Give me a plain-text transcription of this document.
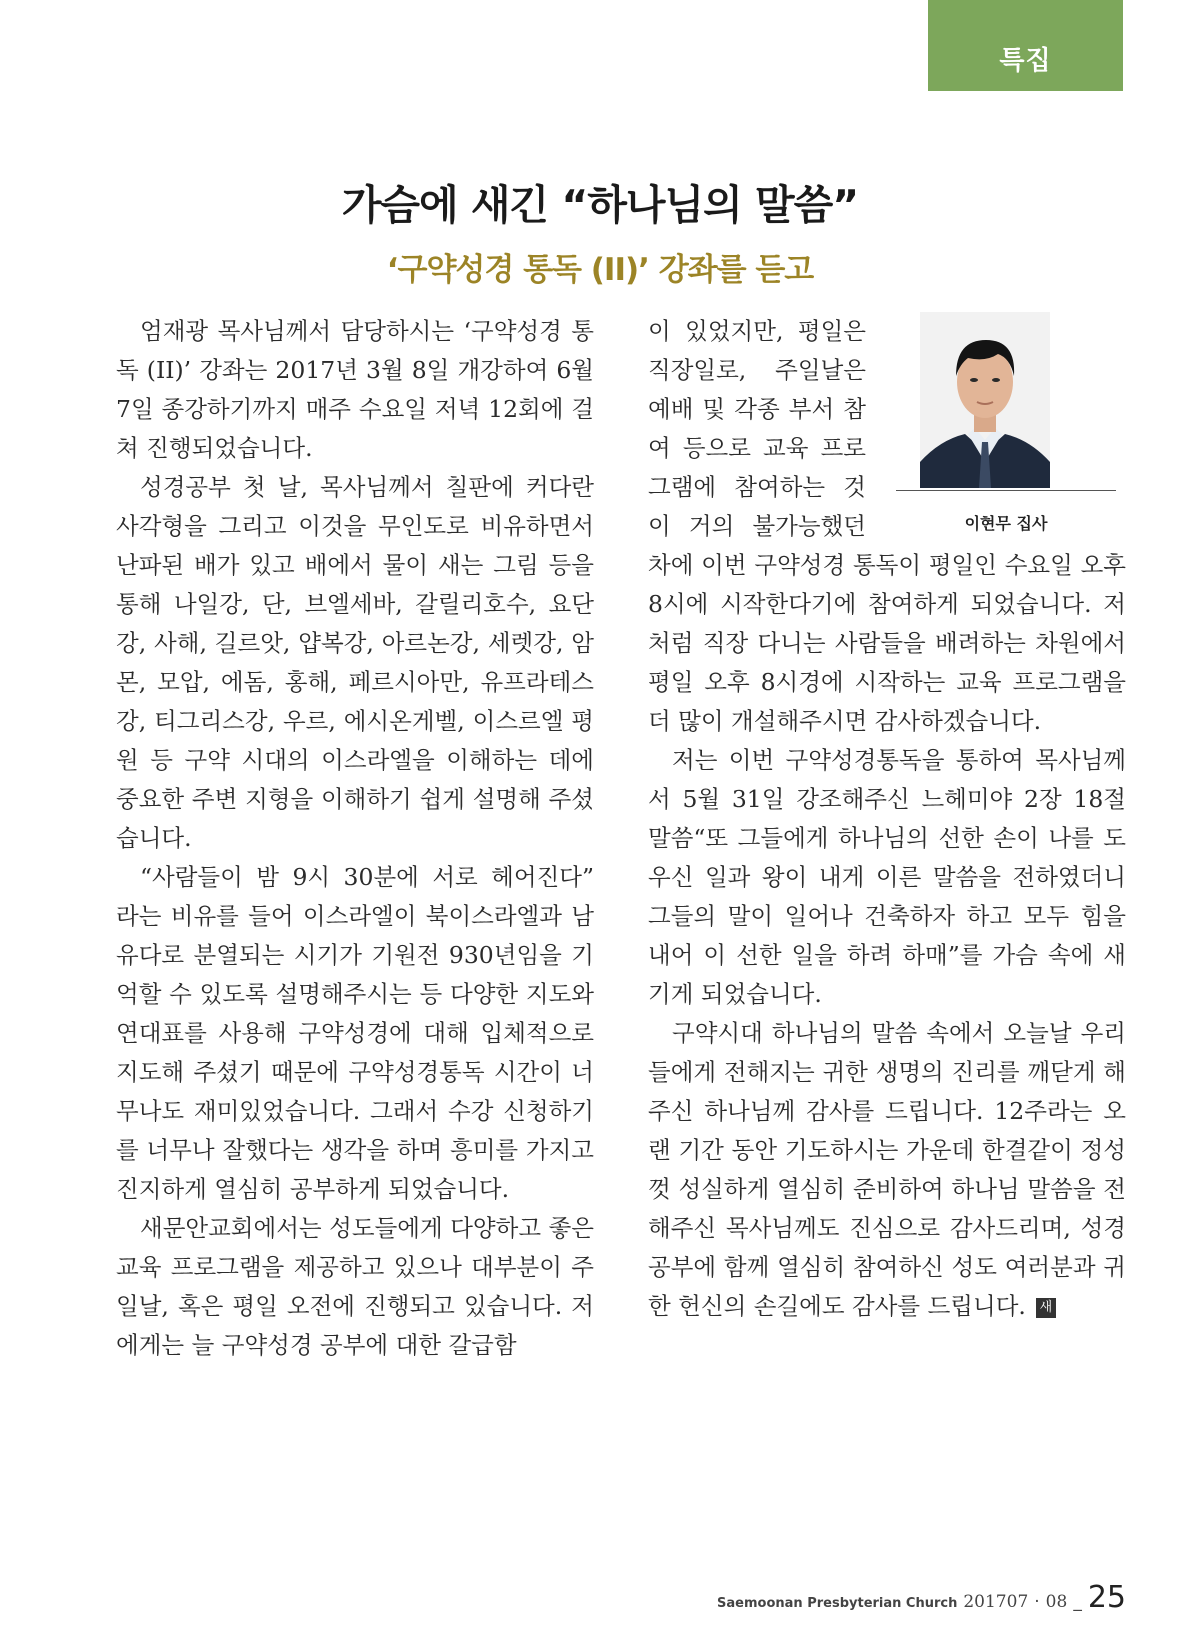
특집
가슴에 새긴 “하나님의 말씀”
‘구약성경 통독 (II)’ 강좌를 듣고

엄재광 목사님께서 담당하시는 ‘구약성경 통독 (II)’ 강좌는 2017년 3월 8일 개강하여 6월 7일 종강하기까지 매주 수요일 저녁 12회에 걸쳐 진행되었습니다.

성경공부 첫 날, 목사님께서 칠판에 커다란 사각형을 그리고 이것을 무인도로 비유하면서 난파된 배가 있고 배에서 물이 새는 그림 등을 통해 나일강, 단, 브엘세바, 갈릴리호수, 요단강, 사해, 길르앗, 얍복강, 아르논강, 세렛강, 암몬, 모압, 에돔, 홍해, 페르시아만, 유프라테스강, 티그리스강, 우르, 에시온게벨, 이스르엘 평원 등 구약 시대의 이스라엘을 이해하는 데에 중요한 주변 지형을 이해하기 쉽게 설명해 주셨습니다.

“사람들이 밤 9시 30분에 서로 헤어진다” 라는 비유를 들어 이스라엘이 북이스라엘과 남유다로 분열되는 시기가 기원전 930년임을 기억할 수 있도록 설명해주시는 등 다양한 지도와 연대표를 사용해 구약성경에 대해 입체적으로 지도해 주셨기 때문에 구약성경통독 시간이 너무나도 재미있었습니다. 그래서 수강 신청하기를 너무나 잘했다는 생각을 하며 흥미를 가지고 진지하게 열심히 공부하게 되었습니다.

새문안교회에서는 성도들에게 다양하고 좋은 교육 프로그램을 제공하고 있으나 대부분이 주일날, 혹은 평일 오전에 진행되고 있습니다. 저에게는 늘 구약성경 공부에 대한 갈급함

이현무 집사

이 있었지만, 평일은 직장일로, 주일날은 예배 및 각종 부서 참여 등으로 교육 프로그램에 참여하는 것이 거의 불가능했던 차에 이번 구약성경 통독이 평일인 수요일 오후 8시에 시작한다기에 참여하게 되었습니다. 저처럼 직장 다니는 사람들을 배려하는 차원에서 평일 오후 8시경에 시작하는 교육 프로그램을 더 많이 개설해주시면 감사하겠습니다.

저는 이번 구약성경통독을 통하여 목사님께서 5월 31일 강조해주신 느헤미야 2장 18절 말씀“또 그들에게 하나님의 선한 손이 나를 도우신 일과 왕이 내게 이른 말씀을 전하였더니 그들의 말이 일어나 건축하자 하고 모두 힘을 내어 이 선한 일을 하려 하매”를 가슴 속에 새기게 되었습니다.

구약시대 하나님의 말씀 속에서 오늘날 우리들에게 전해지는 귀한 생명의 진리를 깨닫게 해주신 하나님께 감사를 드립니다. 12주라는 오랜 기간 동안 기도하시는 가운데 한결같이 정성껏 성실하게 열심히 준비하여 하나님 말씀을 전해주신 목사님께도 진심으로 감사드리며, 성경공부에 함께 열심히 참여하신 성도 여러분과 귀한 헌신의 손길에도 감사를 드립니다. 새

Saemoonan Presbyterian Church 201707 · 08 _ 25
